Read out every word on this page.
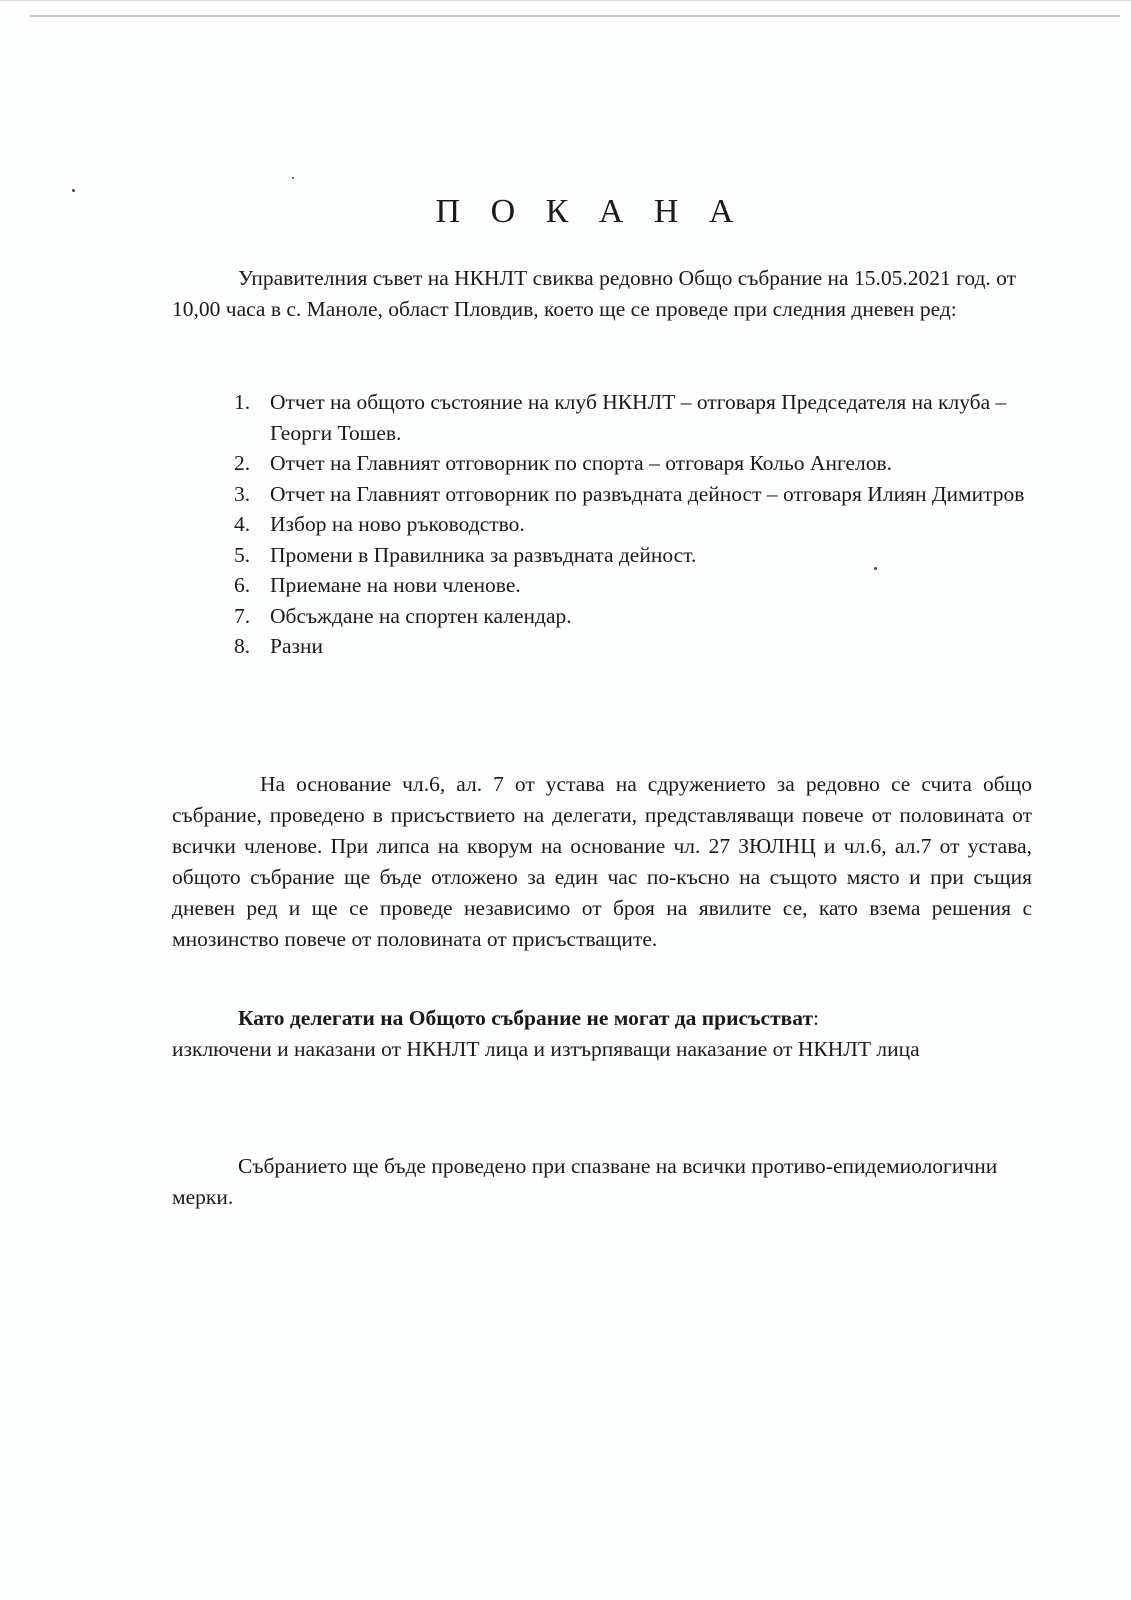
П О К А Н А

Управителния съвет на НКНЛТ свиква редовно Общо събрание на 15.05.2021 год. от 10,00 часа в с. Маноле, област Пловдив, което ще се проведе при следния дневен ред:

1. Отчет на общото състояние на клуб НКНЛТ – отговаря Председателя на клуба – Георги Тошев.
2. Отчет на Главният отговорник по спорта – отговаря Кольо Ангелов.
3. Отчет на Главният отговорник по развъдната дейност – отговаря Илиян Димитров
4. Избор на ново ръководство.
5. Промени в Правилника за развъдната дейност.
6. Приемане на нови членове.
7. Обсъждане на спортен календар.
8. Разни

На основание чл.6, ал. 7 от устава на сдружението за редовно се счита общо събрание, проведено в присъствието на делегати, представляващи повече от половината от всички членове. При липса на кворум на основание чл. 27 ЗЮЛНЦ и чл.6, ал.7 от устава, общото събрание ще бъде отложено за един час по-късно на същото място и при същия дневен ред и ще се проведе независимо от броя на явилите се, като взема решения с мнозинство повече от половината от присъстващите.

Като делегати на Общото събрание не могат да присъстват:
изключени и наказани от НКНЛТ лица и изтърпяващи наказание от НКНЛТ лица

Събранието ще бъде проведено при спазване на всички противо-епидемиологични мерки.
